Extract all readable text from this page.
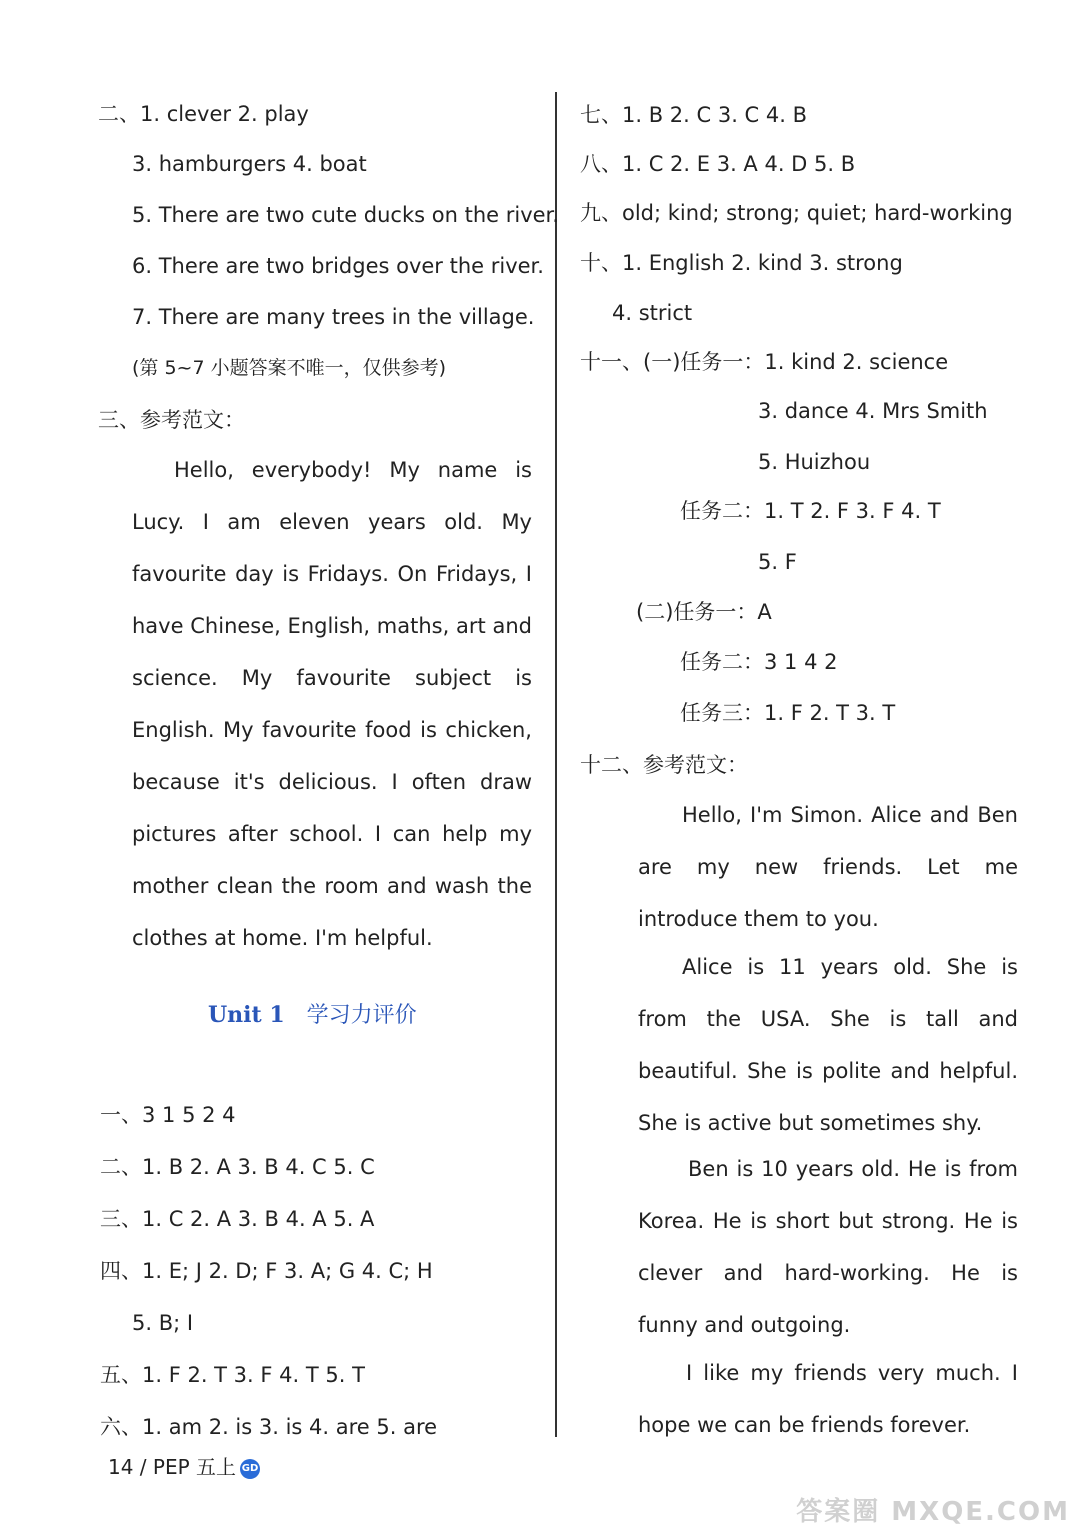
二、1. clever 2. play
3. hamburgers 4. boat
5. There are two cute ducks on the river.
6. There are two bridges over the river.
7. There are many trees in the village.
(第 5~7 小题答案不唯一，仅供参考)
三、参考范文：
Hello, everybody! My name is Lucy. I am eleven years old. My favourite day is Fridays. On Fridays, I have Chinese, English, maths, art and science. My favourite subject is English. My favourite food is chicken, because it's delicious. I often draw pictures after school. I can help my mother clean the room and wash the clothes at home. I'm helpful.
Unit 1 学习力评价
一、3 1 5 2 4
二、1. B 2. A 3. B 4. C 5. C
三、1. C 2. A 3. B 4. A 5. A
四、1. E; J 2. D; F 3. A; G 4. C; H
5. B; I
五、1. F 2. T 3. F 4. T 5. T
六、1. am 2. is 3. is 4. are 5. are
七、1. B 2. C 3. C 4. B
八、1. C 2. E 3. A 4. D 5. B
九、old; kind; strong; quiet; hard-working
十、1. English 2. kind 3. strong
4. strict
十一、(一)任务一：1. kind 2. science
3. dance 4. Mrs Smith
5. Huizhou
任务二：1. T 2. F 3. F 4. T
5. F
(二)任务一：A
任务二：3 1 4 2
任务三：1. F 2. T 3. T
十二、参考范文：
Hello, I'm Simon. Alice and Ben are my new friends. Let me introduce them to you.
Alice is 11 years old. She is from the USA. She is tall and beautiful. She is polite and helpful. She is active but sometimes shy.
Ben is 10 years old. He is from Korea. He is short but strong. He is clever and hard-working. He is funny and outgoing.
I like my friends very much. I hope we can be friends forever.
14 / PEP 五上 GD
答案圈 MXQE.COM
